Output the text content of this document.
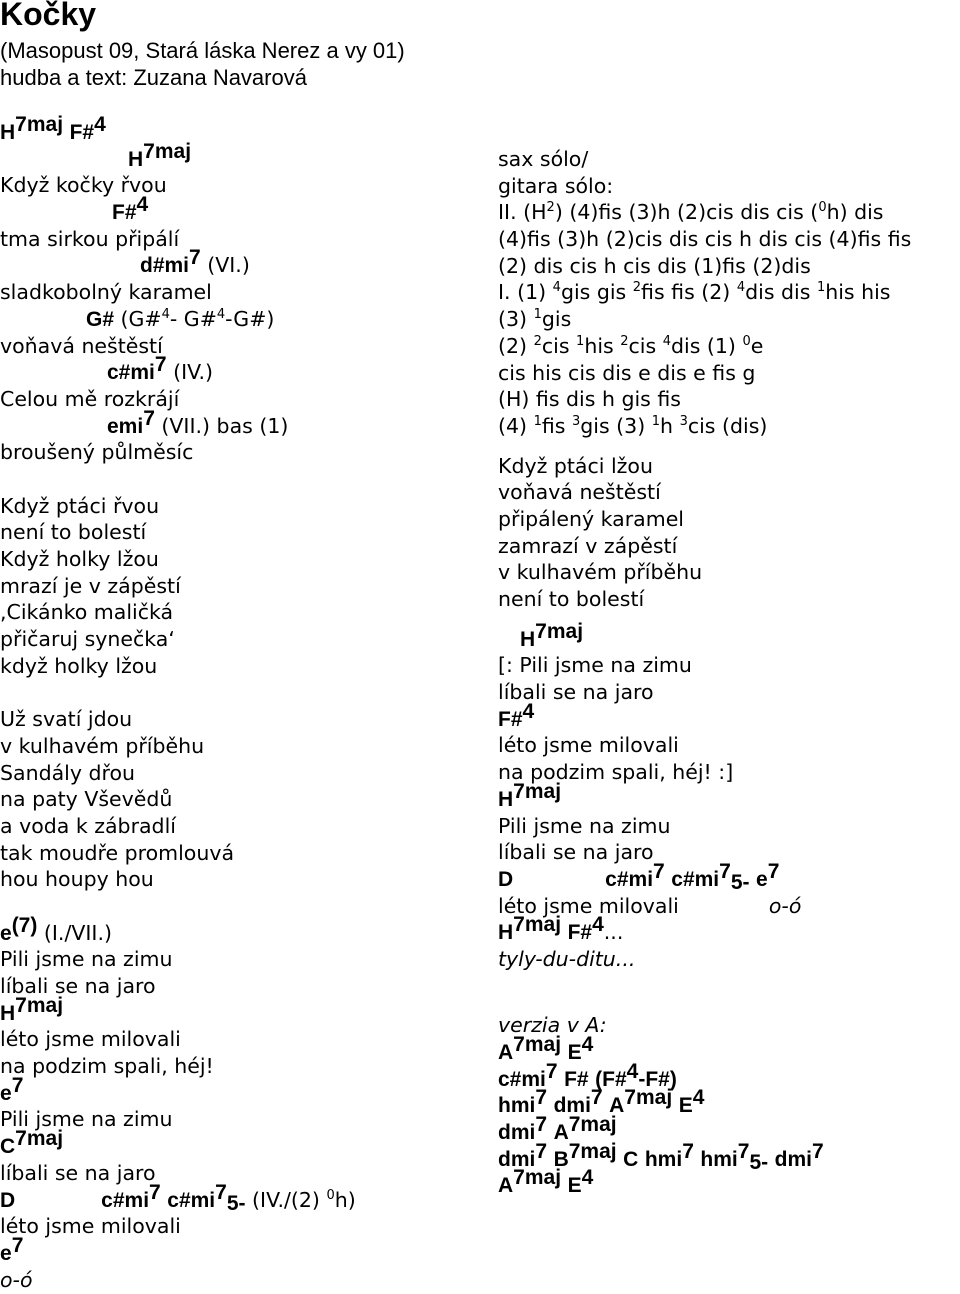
Kočky
(Masopust 09, Stará láska Nerez a vy 01)
hudba a text: Zuzana Navarová
$H^{7maj}$ F#$^4$
$H^{7maj}$
Když kočky řvou
F#$^4$
tma sirkou připálí
$d\#mi^7$ (VI.)
sladkobolný karamel
G# (G#$^4$- G#$^4$-G#)
voňavá neštěstí
$c\#mi^7$ (IV.)
Celou mě rozkrájí
emi$^7$ (VII.) bas (1)
broušený půlměsíc
Když ptáci řvou
není to bolestí
Když holky lžou
mrazí je v zápěstí
,Cikánko maličká
přičaruj synečka‘
když holky lžou
Už svatí jdou
v kulhavém příběhu
Sandály dřou
na paty Vševědů
a voda k zábradlí
tak moudře promlouvá
hou houpy hou
$e^{(7)}$ (I./VII.)
Pili jsme na zimu
líbali se na jaro
$H^{7maj}$
léto jsme milovali
na podzim spali, héj!
$e^7$
Pili jsme na zimu
$C^{7maj}$
líbali se na jaro
D	$c\#mi^7$ $c\#mi^7_{5-}$ (IV./(2) $^0$h)
léto jsme milovali
$e^7$
o-ó
sax sólo/
gitara sólo:
II. $(H^2)$ (4)fis (3)h (2)cis dis cis ($^0$h) dis
(4)fis (3)h (2)cis dis cis h dis cis (4)fis fis
(2) dis cis h cis dis (1)fis (2)dis
I. (1) $^4$gis gis $^2$fis fis (2) $^4$dis dis $^1$his his
(3) $^1$gis
(2) $^2$cis $^1$his $^2$cis $^4$dis (1) $^0$e
cis his cis dis e dis e fis g
(H) fis dis h gis fis
(4) $^1$fis $^3$gis (3) $^1$h $^3$cis (dis)
Když ptáci lžou
voňavá neštěstí
připálený karamel
zamrazí v zápěstí
v kulhavém příběhu
není to bolestí
$H^{7maj}$
[: Pili jsme na zimu
líbali se na jaro
F#$^4$
léto jsme milovali
na podzim spali, héj! :]
$H^{7maj}$
Pili jsme na zimu
líbali se na jaro
D	$c\#mi^7$ $c\#mi^7_{5-}$ $e^7$
léto jsme milovali	o-ó
$H^{7maj}$ F#$^4$...
tyly-du-ditu...
verzia v A:
$A^{7maj}$ $E^4$
$c\#mi^7$ F# (F#$^4$-F#)
hmi$^7$ dmi$^7$ $A^{7maj}$ $E^4$
dmi$^7$ $A^{7maj}$
dmi$^7$ $B^{7maj}$ C hmi$^7$ hmi$^7_{5-}$ dmi$^7$
$A^{7maj}$ $E^4$
